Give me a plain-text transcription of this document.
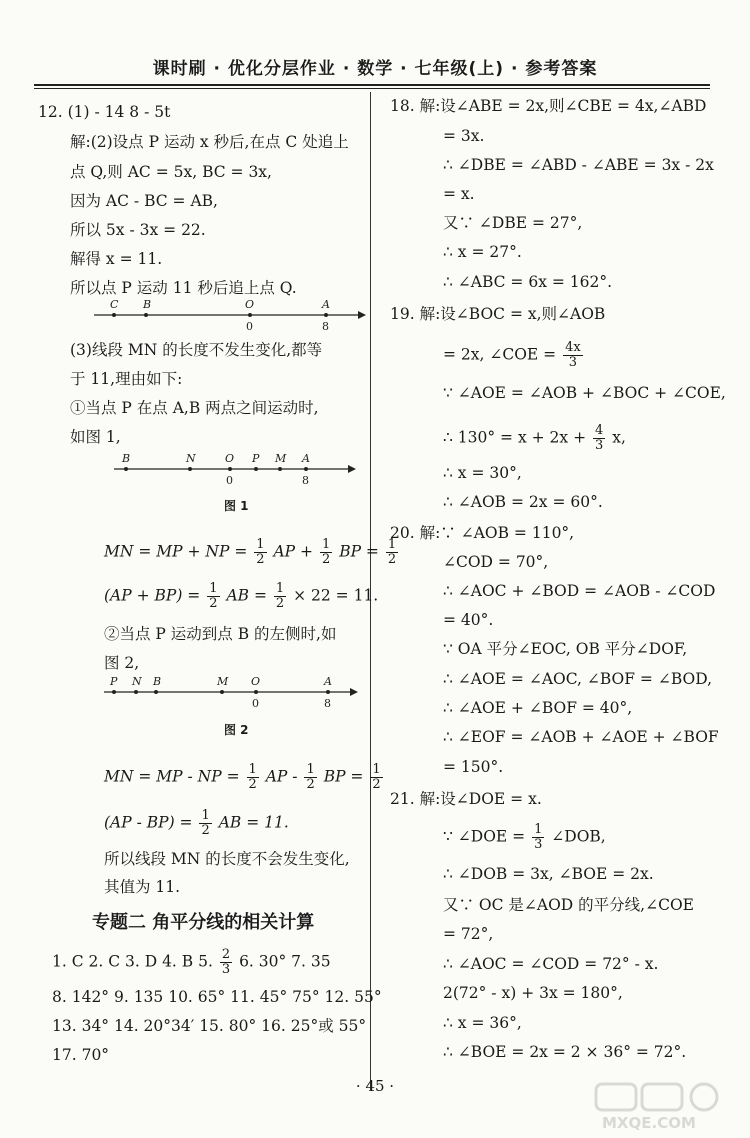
课时刷 · 优化分层作业 · 数学 · 七年级(上) · 参考答案
12. (1) - 14 8 - 5t
解:(2)设点 P 运动 x 秒后,在点 C 处追上
点 Q,则 AC = 5x, BC = 3x,
因为 AC - BC = AB,
所以 5x - 3x = 22.
解得 x = 11.
所以点 P 运动 11 秒后追上点 Q.
C B	O	A
0	8
(3)线段 MN 的长度不发生变化,都等
于 11,理由如下:
①当点 P 在点 A,B 两点之间运动时,
如图 1,
B	N	O P M A
0	8
图 1
MN = MP + NP = $\frac{1}{2}$ AP + $\frac{1}{2}$ BP = $\frac{1}{2}$
$(AP + BP) = \frac{1}{2}$ AB = $\frac{1}{2} \times 22 = 11$.
②当点 P 运动到点 B 的左侧时,如
图 2,
P N B	M O	A
0	8
图 2
MN = MP - NP = $\frac{1}{2}$ AP - $\frac{1}{2}$ BP = $\frac{1}{2}$
$(AP - BP) = \frac{1}{2}$ AB = 11.
所以线段 MN 的长度不会发生变化,
其值为 11.
专题二 角平分线的相关计算
1. C 2. C 3. D 4. B 5. $\frac{2}{3} 6$. 30° 7. 35
8. 142° 9. 135 10. 65° 11. 45° 75° 12. 55°
13. 34° 14. 20°34′ 15. 80° 16. 25°或 55°
17. 70°
18. 解:设∠ABE = 2x,则∠CBE = 4x,∠ABD
= 3x.
∴ ∠DBE = ∠ABD - ∠ABE = 3x - 2x
= x.
又∵ ∠DBE = 27°,
∴ x = 27°.
∴ ∠ABC = 6x = 162°.
19. 解:设∠BOC = x,则∠AOB
= 2x, ∠COE = $\frac{4x}{3}$
∵ ∠AOE = ∠AOB + ∠BOC + ∠COE,
∴ $130^\circ = x + 2x + \frac{4}{3} x$,
∴ x = 30°,
∴ ∠AOB = 2x = 60°.
20. 解:∵ ∠AOB = 110°,
∠COD = 70°,
∴ ∠AOC + ∠BOD = ∠AOB - ∠COD
= 40°.
∵ OA 平分∠EOC, OB 平分∠DOF,
∴ ∠AOE = ∠AOC, ∠BOF = ∠BOD,
∴ ∠AOE + ∠BOF = 40°,
∴ ∠EOF = ∠AOB + ∠AOE + ∠BOF
= 150°.
21. 解:设∠DOE = x.
∵ ∠DOE = $\frac{1}{3}$ ∠DOB,
∴ ∠DOB = 3x, ∠BOE = 2x.
又∵ OC 是∠AOD 的平分线,∠COE
= 72°,
∴ ∠AOC = ∠COD = 72° - x.
2(72° - x) + 3x = 180°,
∴ x = 36°,
∴ ∠BOE = 2x = 2 × 36° = 72°.
· 45 ·
MXQE.COM
